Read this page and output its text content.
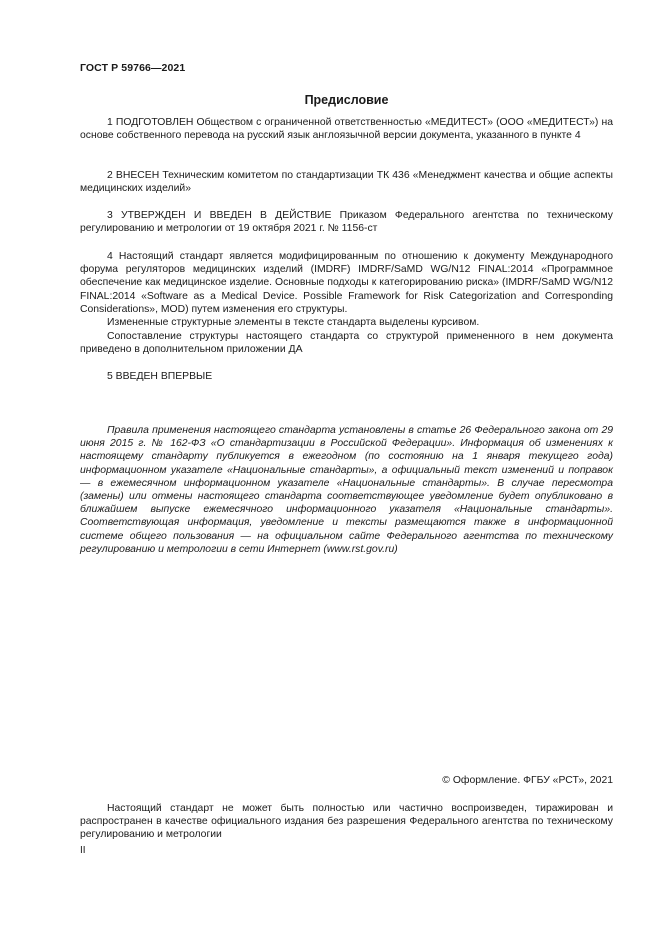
ГОСТ Р 59766—2021
Предисловие

1 ПОДГОТОВЛЕН Обществом с ограниченной ответственностью «МЕДИТЕСТ» (ООО «МЕДИТЕСТ») на основе собственного перевода на русский язык англоязычной версии документа, указанного в пункте 4

2 ВНЕСЕН Техническим комитетом по стандартизации ТК 436 «Менеджмент качества и общие аспекты медицинских изделий»

3 УТВЕРЖДЕН И ВВЕДЕН В ДЕЙСТВИЕ Приказом Федерального агентства по техническому регулированию и метрологии от 19 октября 2021 г. № 1156-ст

4 Настоящий стандарт является модифицированным по отношению к документу Международного форума регуляторов медицинских изделий (IMDRF) IMDRF/SaMD WG/N12 FINAL:2014 «Программное обеспечение как медицинское изделие. Основные подходы к категорированию риска» (IMDRF/SaMD WG/N12 FINAL:2014 «Software as a Medical Device. Possible Framework for Risk Categorization and Corresponding Considerations», MOD) путем изменения его структуры.

Измененные структурные элементы в тексте стандарта выделены курсивом.

Сопоставление структуры настоящего стандарта со структурой примененного в нем документа приведено в дополнительном приложении ДА

5 ВВЕДЕН ВПЕРВЫЕ

Правила применения настоящего стандарта установлены в статье 26 Федерального закона от 29 июня 2015 г. № 162-ФЗ «О стандартизации в Российской Федерации». Информация об изменениях к настоящему стандарту публикуется в ежегодном (по состоянию на 1 января текущего года) информационном указателе «Национальные стандарты», а официальный текст изменений и поправок — в ежемесячном информационном указателе «Национальные стандарты». В случае пересмотра (замены) или отмены настоящего стандарта соответствующее уведомление будет опубликовано в ближайшем выпуске ежемесячного информационного указателя «Национальные стандарты». Соответствующая информация, уведомление и тексты размещаются также в информационной системе общего пользования — на официальном сайте Федерального агентства по техническому регулированию и метрологии в сети Интернет (www.rst.gov.ru)

© Оформление. ФГБУ «РСТ», 2021

Настоящий стандарт не может быть полностью или частично воспроизведен, тиражирован и распространен в качестве официального издания без разрешения Федерального агентства по техническому регулированию и метрологии

II
